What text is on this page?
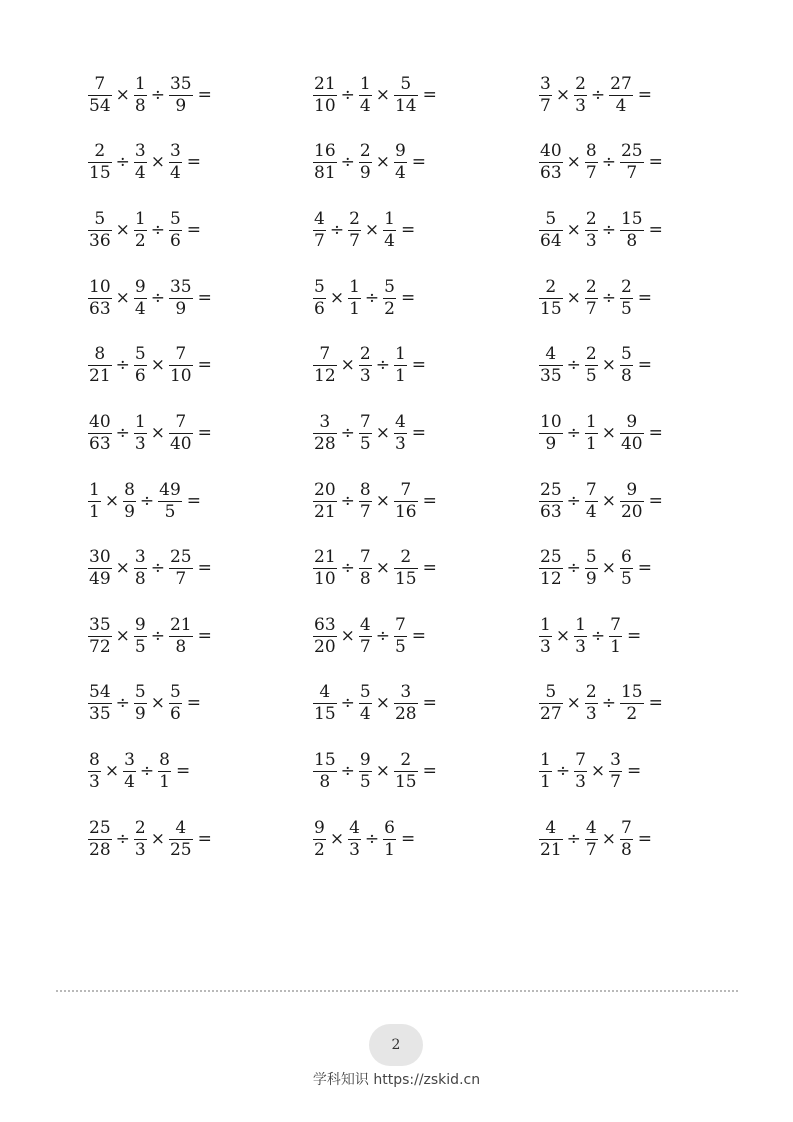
$\frac{7}{54} \times \frac{1}{8} \div \frac{35}{9}$ =	$\frac{21}{10} \div \frac{1}{4} \times \frac{5}{14}$ =	$\frac{3}{7} \times \frac{2}{3} \div \frac{27}{4}$ =
$\frac{2}{15} \div \frac{3}{4} \times \frac{3}{4}$ =	$\frac{16}{81} \div \frac{2}{9} \times \frac{9}{4}$ =	$\frac{40}{63} \times \frac{8}{7} \div \frac{25}{7}$ =
$\frac{5}{36} \times \frac{1}{2} \div \frac{5}{6}$ =	$\frac{4}{7} \div \frac{2}{7} \times \frac{1}{4}$ =	$\frac{5}{64} \times \frac{2}{3} \div \frac{15}{8}$ =
$\frac{10}{63} \times \frac{9}{4} \div \frac{35}{9}$ =	$\frac{5}{6} \times \frac{1}{1} \div \frac{5}{2}$ =	$\frac{2}{15} \times \frac{2}{7} \div \frac{2}{5}$ =
$\frac{8}{21} \div \frac{5}{6} \times \frac{7}{10}$ =	$\frac{7}{12} \times \frac{2}{3} \div \frac{1}{1}$ =	$\frac{4}{35} \div \frac{2}{5} \times \frac{5}{8}$ =
$\frac{40}{63} \div \frac{1}{3} \times \frac{7}{40}$ =	$\frac{3}{28} \div \frac{7}{5} \times \frac{4}{3}$ =	$\frac{10}{9} \div \frac{1}{1} \times \frac{9}{40}$ =
$\frac{1}{1} \times \frac{8}{9} \div \frac{49}{5}$ =	$\frac{20}{21} \div \frac{8}{7} \times \frac{7}{16}$ =	$\frac{25}{63} \div \frac{7}{4} \times \frac{9}{20}$ =
$\frac{30}{49} \times \frac{3}{8} \div \frac{25}{7}$ =	$\frac{21}{10} \div \frac{7}{8} \times \frac{2}{15}$ =	$\frac{25}{12} \div \frac{5}{9} \times \frac{6}{5}$ =
$\frac{35}{72} \times \frac{9}{5} \div \frac{21}{8}$ =	$\frac{63}{20} \times \frac{4}{7} \div \frac{7}{5}$ =	$\frac{1}{3} \times \frac{1}{3} \div \frac{7}{1}$ =
$\frac{54}{35} \div \frac{5}{9} \times \frac{5}{6}$ =	$\frac{4}{15} \div \frac{5}{4} \times \frac{3}{28}$ =	$\frac{5}{27} \times \frac{2}{3} \div \frac{15}{2}$ =
$\frac{8}{3} \times \frac{3}{4} \div \frac{8}{1}$ =	$\frac{15}{8} \div \frac{9}{5} \times \frac{2}{15}$ =	$\frac{1}{1} \div \frac{7}{3} \times \frac{3}{7}$ =
$\frac{25}{28} \div \frac{2}{3} \times \frac{4}{25}$ =	$\frac{9}{2} \times \frac{4}{3} \div \frac{6}{1}$ =	$\frac{4}{21} \div \frac{4}{7} \times \frac{7}{8}$ =
2
学科知识 https://zskid.cn
